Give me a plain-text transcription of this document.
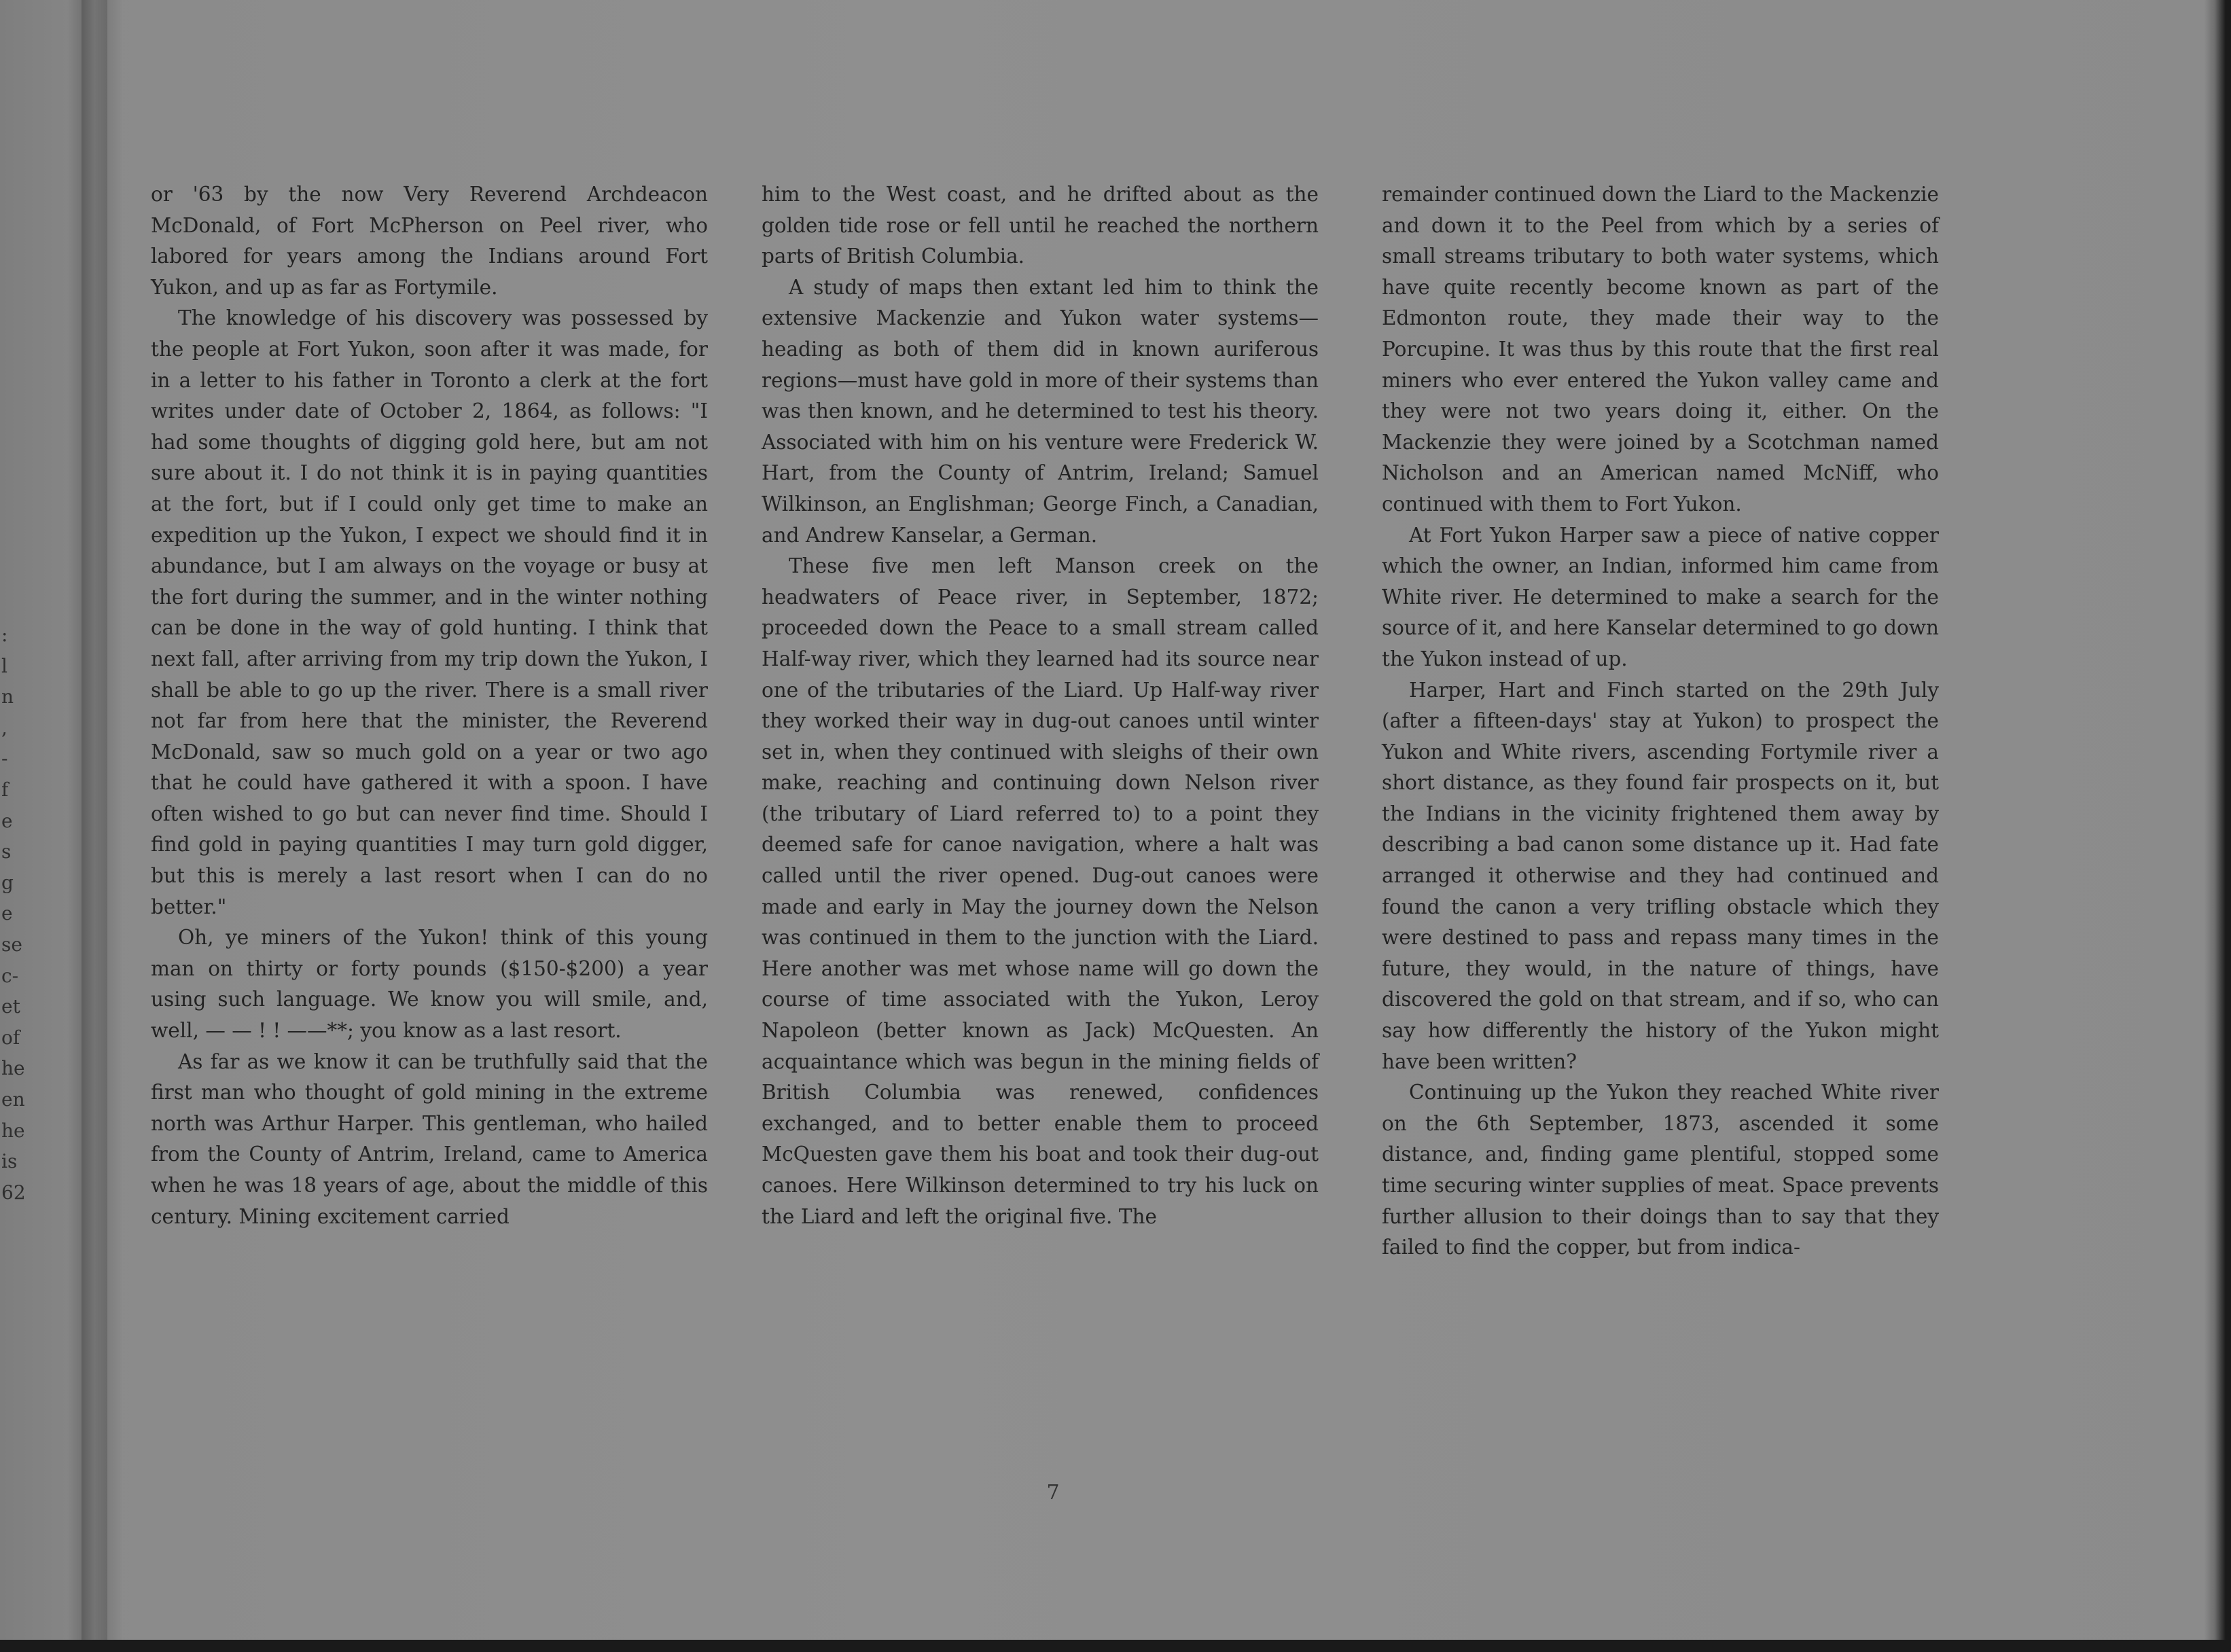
:
l
n
,
-
f
e
s
g
e
se
c-
et
of
he
en
he
is
62

or '63 by the now Very Reverend Archdeacon McDonald, of Fort McPherson on Peel river, who labored for years among the Indians around Fort Yukon, and up as far as Fortymile.

The knowledge of his discovery was possessed by the people at Fort Yukon, soon after it was made, for in a letter to his father in Toronto a clerk at the fort writes under date of October 2, 1864, as follows: "I had some thoughts of digging gold here, but am not sure about it. I do not think it is in paying quantities at the fort, but if I could only get time to make an expedition up the Yukon, I expect we should find it in abundance, but I am always on the voyage or busy at the fort during the summer, and in the winter nothing can be done in the way of gold hunting. I think that next fall, after arriving from my trip down the Yukon, I shall be able to go up the river. There is a small river not far from here that the minister, the Reverend McDonald, saw so much gold on a year or two ago that he could have gathered it with a spoon. I have often wished to go but can never find time. Should I find gold in paying quantities I may turn gold digger, but this is merely a last resort when I can do no better."

Oh, ye miners of the Yukon! think of this young man on thirty or forty pounds ($150-$200) a year using such language. We know you will smile, and, well, — — ! ! ——**; you know as a last resort.

As far as we know it can be truthfully said that the first man who thought of gold mining in the extreme north was Arthur Harper. This gentleman, who hailed from the County of Antrim, Ireland, came to America when he was 18 years of age, about the middle of this century. Mining excitement carried

him to the West coast, and he drifted about as the golden tide rose or fell until he reached the northern parts of British Columbia.

A study of maps then extant led him to think the extensive Mackenzie and Yukon water systems—heading as both of them did in known auriferous regions—must have gold in more of their systems than was then known, and he determined to test his theory. Associated with him on his venture were Frederick W. Hart, from the County of Antrim, Ireland; Samuel Wilkinson, an Englishman; George Finch, a Canadian, and Andrew Kanselar, a German.

These five men left Manson creek on the headwaters of Peace river, in September, 1872; proceeded down the Peace to a small stream called Half-way river, which they learned had its source near one of the tributaries of the Liard. Up Half-way river they worked their way in dug-out canoes until winter set in, when they continued with sleighs of their own make, reaching and continuing down Nelson river (the tributary of Liard referred to) to a point they deemed safe for canoe navigation, where a halt was called until the river opened. Dug-out canoes were made and early in May the journey down the Nelson was continued in them to the junction with the Liard. Here another was met whose name will go down the course of time associated with the Yukon, Leroy Napoleon (better known as Jack) McQuesten. An acquaintance which was begun in the mining fields of British Columbia was renewed, confidences exchanged, and to better enable them to proceed McQuesten gave them his boat and took their dug-out canoes. Here Wilkinson determined to try his luck on the Liard and left the original five. The

remainder continued down the Liard to the Mackenzie and down it to the Peel from which by a series of small streams tributary to both water systems, which have quite recently become known as part of the Edmonton route, they made their way to the Porcupine. It was thus by this route that the first real miners who ever entered the Yukon valley came and they were not two years doing it, either. On the Mackenzie they were joined by a Scotchman named Nicholson and an American named McNiff, who continued with them to Fort Yukon.

At Fort Yukon Harper saw a piece of native copper which the owner, an Indian, informed him came from White river. He determined to make a search for the source of it, and here Kanselar determined to go down the Yukon instead of up.

Harper, Hart and Finch started on the 29th July (after a fifteen-days' stay at Yukon) to prospect the Yukon and White rivers, ascending Fortymile river a short distance, as they found fair prospects on it, but the Indians in the vicinity frightened them away by describing a bad canon some distance up it. Had fate arranged it otherwise and they had continued and found the canon a very trifling obstacle which they were destined to pass and repass many times in the future, they would, in the nature of things, have discovered the gold on that stream, and if so, who can say how differently the history of the Yukon might have been written?

Continuing up the Yukon they reached White river on the 6th September, 1873, ascended it some distance, and, finding game plentiful, stopped some time securing winter supplies of meat. Space prevents further allusion to their doings than to say that they failed to find the copper, but from indica-

7
